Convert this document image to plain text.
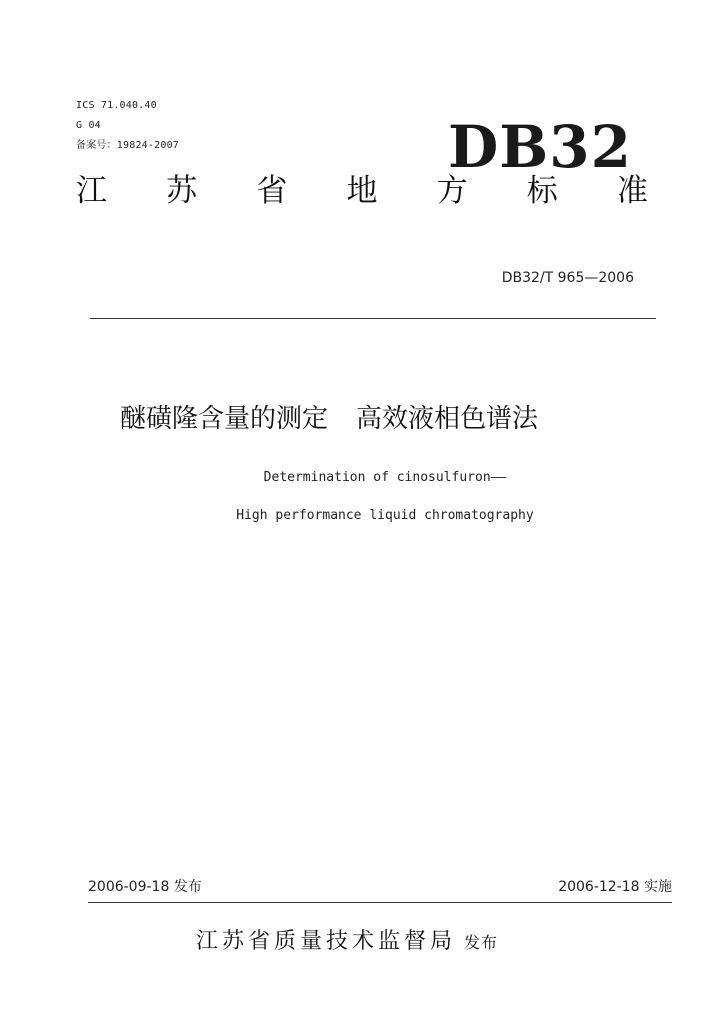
ICS 71.040.40
G 04
备案号：19824-2007	DB32
江 苏 省 地 方 标 准
DB32/T 965—2006
醚磺隆含量的测定 高效液相色谱法
Determination of cinosulfuron——
High performance liquid chromatography
2006-09-18 发布	2006-12-18 实施
江苏省质量技术监督局 发布
